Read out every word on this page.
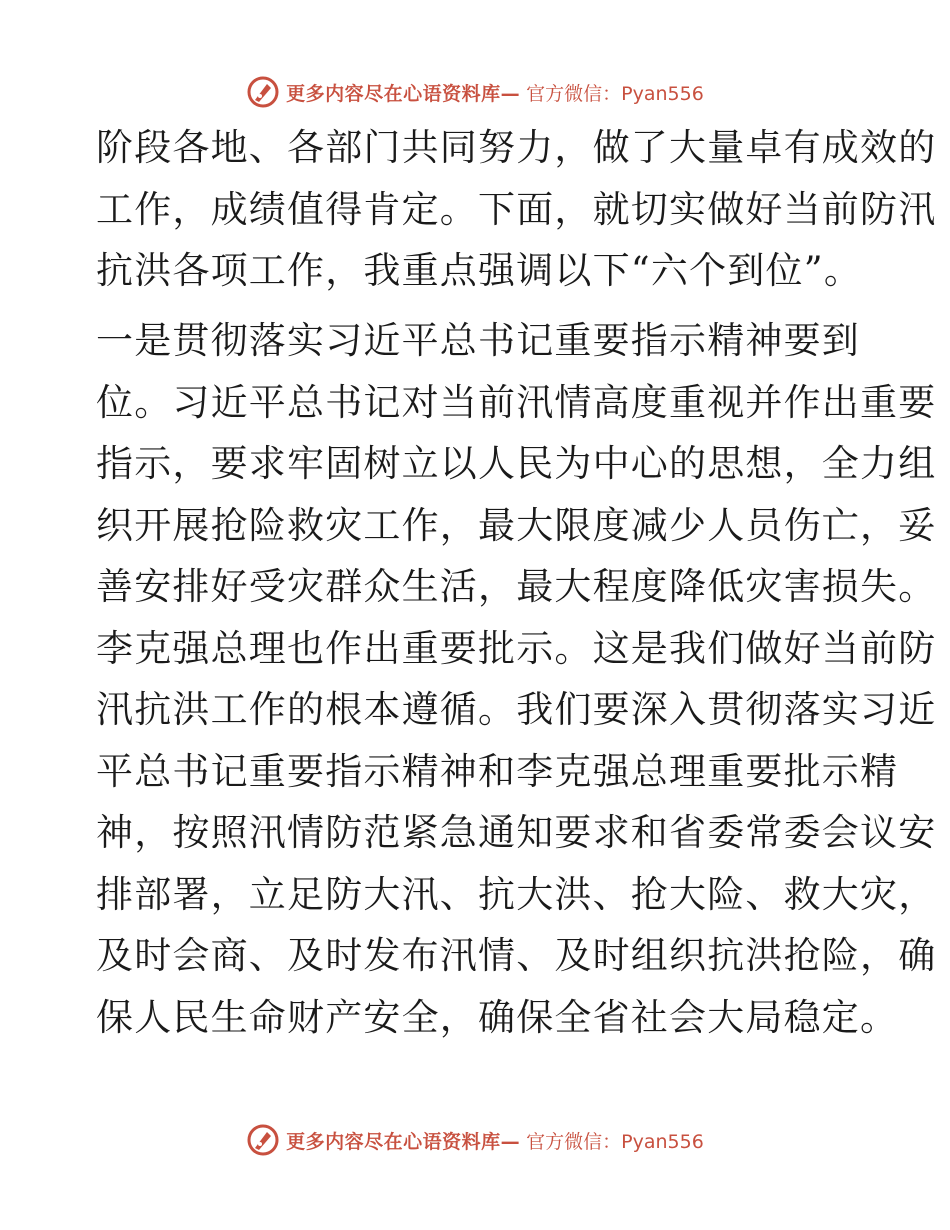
更多内容尽在心语资料库— 官方微信：Pyan556
阶段各地、各部门共同努力，做了大量卓有成效的
工作，成绩值得肯定。下面，就切实做好当前防汛
抗洪各项工作，我重点强调以下“六个到位”。
一是贯彻落实习近平总书记重要指示精神要到
位。习近平总书记对当前汛情高度重视并作出重要
指示，要求牢固树立以人民为中心的思想，全力组
织开展抢险救灾工作，最大限度减少人员伤亡，妥
善安排好受灾群众生活，最大程度降低灾害损失。
李克强总理也作出重要批示。这是我们做好当前防
汛抗洪工作的根本遵循。我们要深入贯彻落实习近
平总书记重要指示精神和李克强总理重要批示精
神，按照汛情防范紧急通知要求和省委常委会议安
排部署，立足防大汛、抗大洪、抢大险、救大灾，
及时会商、及时发布汛情、及时组织抗洪抢险，确
保人民生命财产安全，确保全省社会大局稳定。
更多内容尽在心语资料库— 官方微信：Pyan556
